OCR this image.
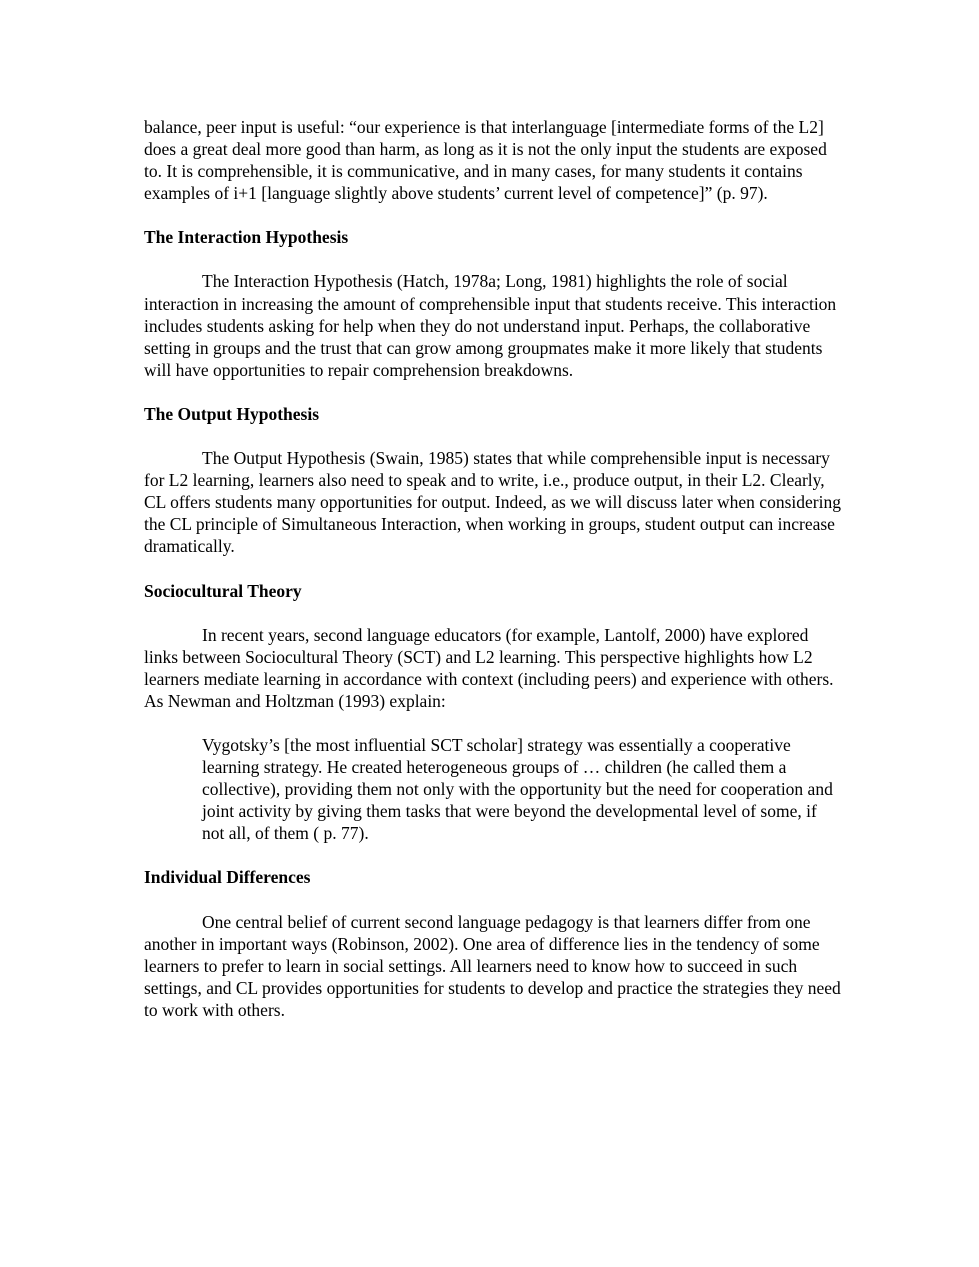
balance, peer input is useful: “our experience is that interlanguage [intermediate forms of the L2] does a great deal more good than harm, as long as it is not the only input the students are exposed to. It is comprehensible, it is communicative, and in many cases, for many students it contains examples of i+1 [language slightly above students’ current level of competence]” (p. 97).

The Interaction Hypothesis

The Interaction Hypothesis (Hatch, 1978a; Long, 1981) highlights the role of social interaction in increasing the amount of comprehensible input that students receive. This interaction includes students asking for help when they do not understand input. Perhaps, the collaborative setting in groups and the trust that can grow among groupmates make it more likely that students will have opportunities to repair comprehension breakdowns.

The Output Hypothesis

The Output Hypothesis (Swain, 1985) states that while comprehensible input is necessary for L2 learning, learners also need to speak and to write, i.e., produce output, in their L2. Clearly, CL offers students many opportunities for output. Indeed, as we will discuss later when considering the CL principle of Simultaneous Interaction, when working in groups, student output can increase dramatically.

Sociocultural Theory

In recent years, second language educators (for example, Lantolf, 2000) have explored links between Sociocultural Theory (SCT) and L2 learning. This perspective highlights how L2 learners mediate learning in accordance with context (including peers) and experience with others. As Newman and Holtzman (1993) explain:

Vygotsky’s [the most influential SCT scholar] strategy was essentially a cooperative learning strategy. He created heterogeneous groups of … children (he called them a collective), providing them not only with the opportunity but the need for cooperation and joint activity by giving them tasks that were beyond the developmental level of some, if not all, of them ( p. 77).

Individual Differences

One central belief of current second language pedagogy is that learners differ from one another in important ways (Robinson, 2002). One area of difference lies in the tendency of some learners to prefer to learn in social settings. All learners need to know how to succeed in such settings, and CL provides opportunities for students to develop and practice the strategies they need to work with others.
